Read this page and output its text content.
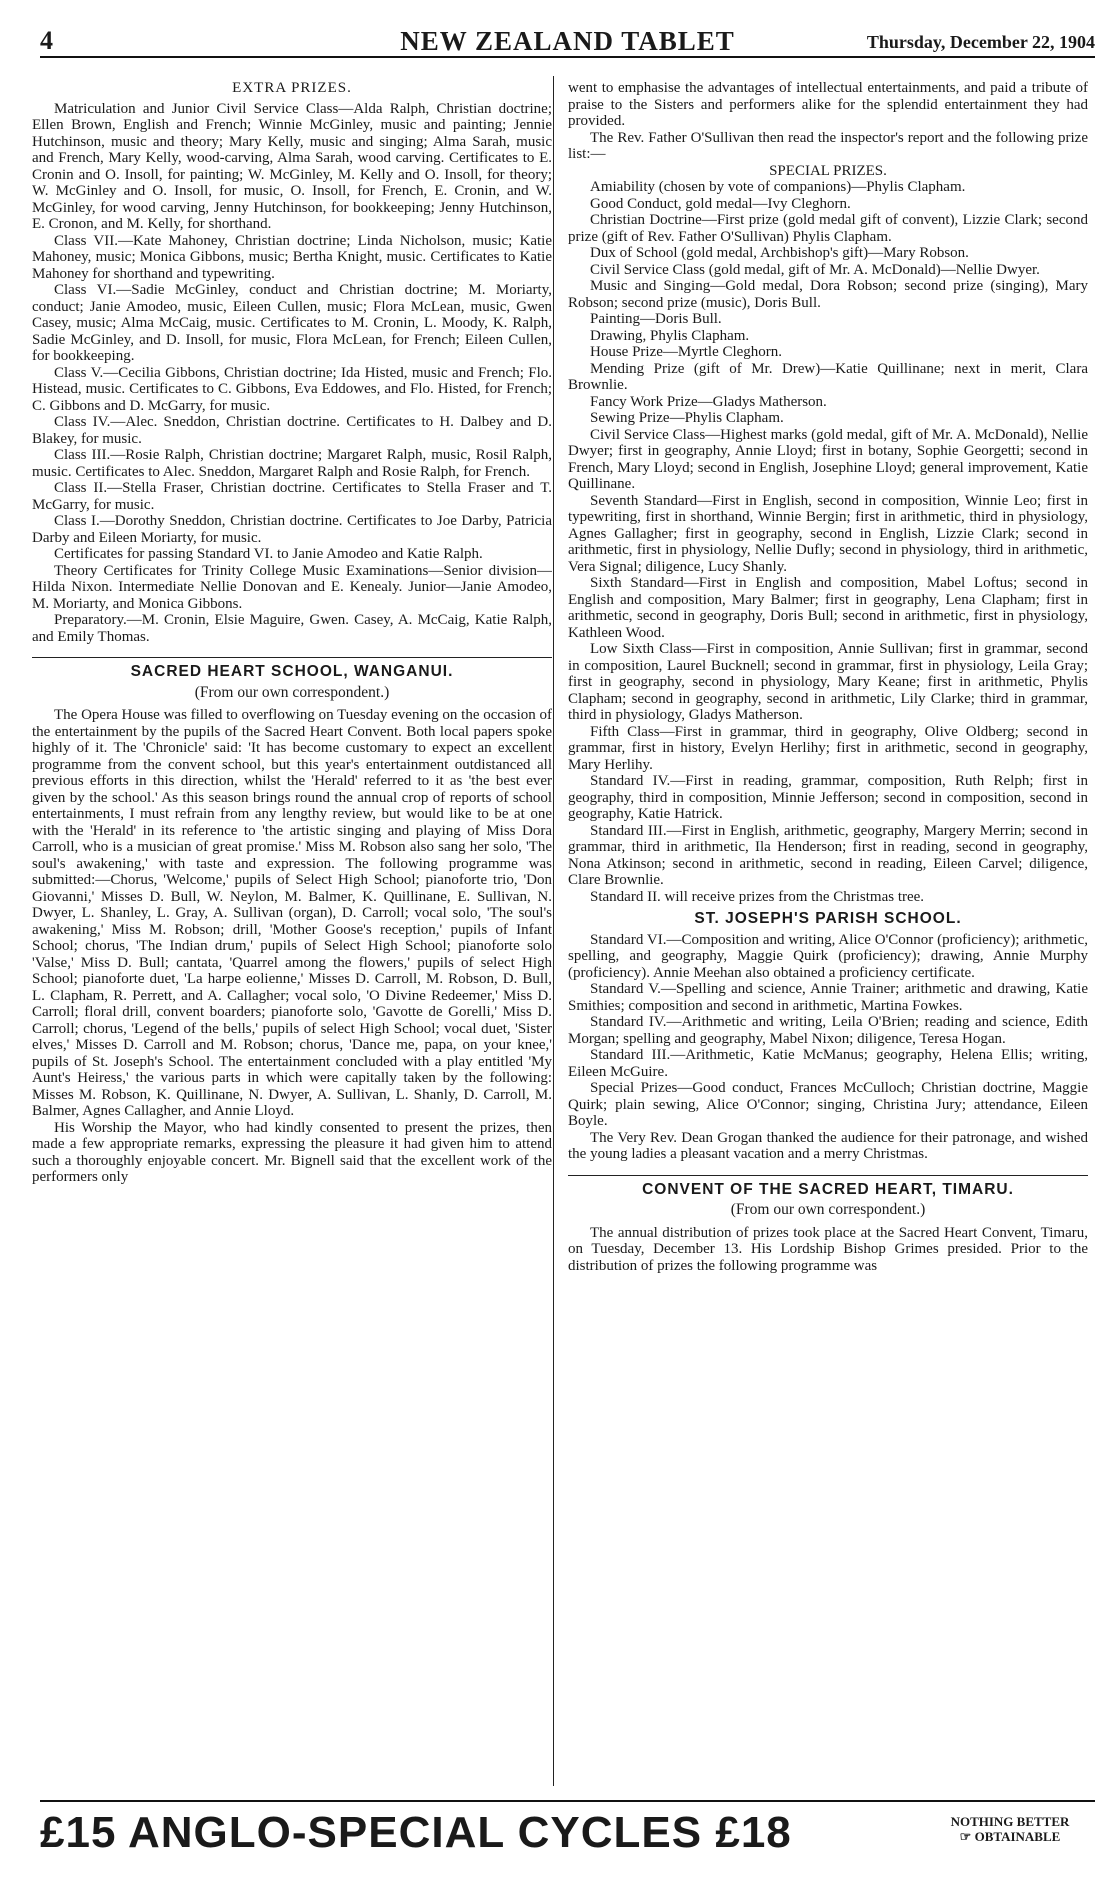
4	NEW ZEALAND TABLET	Thursday, December 22, 1904
EXTRA PRIZES.

Matriculation and Junior Civil Service Class—Alda Ralph, Christian doctrine; Ellen Brown, English and French; Winnie McGinley, music and painting; Jennie Hutchinson, music and theory; Mary Kelly, music and singing; Alma Sarah, music and French, Mary Kelly, wood-carving, Alma Sarah, wood carving. Certificates to E. Cronin and O. Insoll, for painting; W. McGinley, M. Kelly and O. Insoll, for theory; W. McGinley and O. Insoll, for music, O. Insoll, for French, E. Cronin, and W. McGinley, for wood carving, Jenny Hutchinson, for bookkeeping; Jenny Hutchinson, E. Cronon, and M. Kelly, for shorthand.

Class VII.—Kate Mahoney, Christian doctrine; Linda Nicholson, music; Katie Mahoney, music; Monica Gibbons, music; Bertha Knight, music. Certificates to Katie Mahoney for shorthand and typewriting.

Class VI.—Sadie McGinley, conduct and Christian doctrine; M. Moriarty, conduct; Janie Amodeo, music, Eileen Cullen, music; Flora McLean, music, Gwen Casey, music; Alma McCaig, music. Certificates to M. Cronin, L. Moody, K. Ralph, Sadie McGinley, and D. Insoll, for music, Flora McLean, for French; Eileen Cullen, for bookkeeping.

Class V.—Cecilia Gibbons, Christian doctrine; Ida Histed, music and French; Flo. Histead, music. Certificates to C. Gibbons, Eva Eddowes, and Flo. Histed, for French; C. Gibbons and D. McGarry, for music.

Class IV.—Alec. Sneddon, Christian doctrine. Certificates to H. Dalbey and D. Blakey, for music.

Class III.—Rosie Ralph, Christian doctrine; Margaret Ralph, music, Rosil Ralph, music. Certificates to Alec. Sneddon, Margaret Ralph and Rosie Ralph, for French.

Class II.—Stella Fraser, Christian doctrine. Certificates to Stella Fraser and T. McGarry, for music.

Class I.—Dorothy Sneddon, Christian doctrine. Certificates to Joe Darby, Patricia Darby and Eileen Moriarty, for music.

Certificates for passing Standard VI. to Janie Amodeo and Katie Ralph.

Theory Certificates for Trinity College Music Examinations—Senior division—Hilda Nixon. Intermediate Nellie Donovan and E. Kenealy. Junior—Janie Amodeo, M. Moriarty, and Monica Gibbons.

Preparatory.—M. Cronin, Elsie Maguire, Gwen. Casey, A. McCaig, Katie Ralph, and Emily Thomas.

SACRED HEART SCHOOL, WANGANUI.

(From our own correspondent.)

The Opera House was filled to overflowing on Tuesday evening on the occasion of the entertainment by the pupils of the Sacred Heart Convent. Both local papers spoke highly of it. The 'Chronicle' said: 'It has become customary to expect an excellent programme from the convent school, but this year's entertainment outdistanced all previous efforts in this direction, whilst the 'Herald' referred to it as 'the best ever given by the school.' As this season brings round the annual crop of reports of school entertainments, I must refrain from any lengthy review, but would like to be at one with the 'Herald' in its reference to 'the artistic singing and playing of Miss Dora Carroll, who is a musician of great promise.' Miss M. Robson also sang her solo, 'The soul's awakening,' with taste and expression. The following programme was submitted:—Chorus, 'Welcome,' pupils of Select High School; pianoforte trio, 'Don Giovanni,' Misses D. Bull, W. Neylon, M. Balmer, K. Quillinane, E. Sullivan, N. Dwyer, L. Shanley, L. Gray, A. Sullivan (organ), D. Carroll; vocal solo, 'The soul's awakening,' Miss M. Robson; drill, 'Mother Goose's reception,' pupils of Infant School; chorus, 'The Indian drum,' pupils of Select High School; pianoforte solo 'Valse,' Miss D. Bull; cantata, 'Quarrel among the flowers,' pupils of select High School; pianoforte duet, 'La harpe eolienne,' Misses D. Carroll, M. Robson, D. Bull, L. Clapham, R. Perrett, and A. Callagher; vocal solo, 'O Divine Redeemer,' Miss D. Carroll; floral drill, convent boarders; pianoforte solo, 'Gavotte de Gorelli,' Miss D. Carroll; chorus, 'Legend of the bells,' pupils of select High School; vocal duet, 'Sister elves,' Misses D. Carroll and M. Robson; chorus, 'Dance me, papa, on your knee,' pupils of St. Joseph's School. The entertainment concluded with a play entitled 'My Aunt's Heiress,' the various parts in which were capitally taken by the following: Misses M. Robson, K. Quillinane, N. Dwyer, A. Sullivan, L. Shanly, D. Carroll, M. Balmer, Agnes Callagher, and Annie Lloyd.

His Worship the Mayor, who had kindly consented to present the prizes, then made a few appropriate remarks, expressing the pleasure it had given him to attend such a thoroughly enjoyable concert. Mr. Bignell said that the excellent work of the performers only

went to emphasise the advantages of intellectual entertainments, and paid a tribute of praise to the Sisters and performers alike for the splendid entertainment they had provided.

The Rev. Father O'Sullivan then read the inspector's report and the following prize list:—

SPECIAL PRIZES.

Amiability (chosen by vote of companions)—Phylis Clapham.

Good Conduct, gold medal—Ivy Cleghorn.

Christian Doctrine—First prize (gold medal gift of convent), Lizzie Clark; second prize (gift of Rev. Father O'Sullivan) Phylis Clapham.

Dux of School (gold medal, Archbishop's gift)—Mary Robson.

Civil Service Class (gold medal, gift of Mr. A. McDonald)—Nellie Dwyer.

Music and Singing—Gold medal, Dora Robson; second prize (singing), Mary Robson; second prize (music), Doris Bull.

Painting—Doris Bull.

Drawing, Phylis Clapham.

House Prize—Myrtle Cleghorn.

Mending Prize (gift of Mr. Drew)—Katie Quillinane; next in merit, Clara Brownlie.

Fancy Work Prize—Gladys Matherson.

Sewing Prize—Phylis Clapham.

Civil Service Class—Highest marks (gold medal, gift of Mr. A. McDonald), Nellie Dwyer; first in geography, Annie Lloyd; first in botany, Sophie Georgetti; second in French, Mary Lloyd; second in English, Josephine Lloyd; general improvement, Katie Quillinane.

Seventh Standard—First in English, second in composition, Winnie Leo; first in typewriting, first in shorthand, Winnie Bergin; first in arithmetic, third in physiology, Agnes Gallagher; first in geography, second in English, Lizzie Clark; second in arithmetic, first in physiology, Nellie Dufly; second in physiology, third in arithmetic, Vera Signal; diligence, Lucy Shanly.

Sixth Standard—First in English and composition, Mabel Loftus; second in English and composition, Mary Balmer; first in geography, Lena Clapham; first in arithmetic, second in geography, Doris Bull; second in arithmetic, first in physiology, Kathleen Wood.

Low Sixth Class—First in composition, Annie Sullivan; first in grammar, second in composition, Laurel Bucknell; second in grammar, first in physiology, Leila Gray; first in geography, second in physiology, Mary Keane; first in arithmetic, Phylis Clapham; second in geography, second in arithmetic, Lily Clarke; third in grammar, third in physiology, Gladys Matherson.

Fifth Class—First in grammar, third in geography, Olive Oldberg; second in grammar, first in history, Evelyn Herlihy; first in arithmetic, second in geography, Mary Herlihy.

Standard IV.—First in reading, grammar, composition, Ruth Relph; first in geography, third in composition, Minnie Jefferson; second in composition, second in geography, Katie Hatrick.

Standard III.—First in English, arithmetic, geography, Margery Merrin; second in grammar, third in arithmetic, Ila Henderson; first in reading, second in geography, Nona Atkinson; second in arithmetic, second in reading, Eileen Carvel; diligence, Clare Brownlie.

Standard II. will receive prizes from the Christmas tree.

ST. JOSEPH'S PARISH SCHOOL.

Standard VI.—Composition and writing, Alice O'Connor (proficiency); arithmetic, spelling, and geography, Maggie Quirk (proficiency); drawing, Annie Murphy (proficiency). Annie Meehan also obtained a proficiency certificate.

Standard V.—Spelling and science, Annie Trainer; arithmetic and drawing, Katie Smithies; composition and second in arithmetic, Martina Fowkes.

Standard IV.—Arithmetic and writing, Leila O'Brien; reading and science, Edith Morgan; spelling and geography, Mabel Nixon; diligence, Teresa Hogan.

Standard III.—Arithmetic, Katie McManus; geography, Helena Ellis; writing, Eileen McGuire.

Special Prizes—Good conduct, Frances McCulloch; Christian doctrine, Maggie Quirk; plain sewing, Alice O'Connor; singing, Christina Jury; attendance, Eileen Boyle.

The Very Rev. Dean Grogan thanked the audience for their patronage, and wished the young ladies a pleasant vacation and a merry Christmas.

CONVENT OF THE SACRED HEART, TIMARU.

(From our own correspondent.)

The annual distribution of prizes took place at the Sacred Heart Convent, Timaru, on Tuesday, December 13. His Lordship Bishop Grimes presided. Prior to the distribution of prizes the following programme was

£15 ANGLO-SPECIAL CYCLES £18	NOTHING BETTER
☞ OBTAINABLE
